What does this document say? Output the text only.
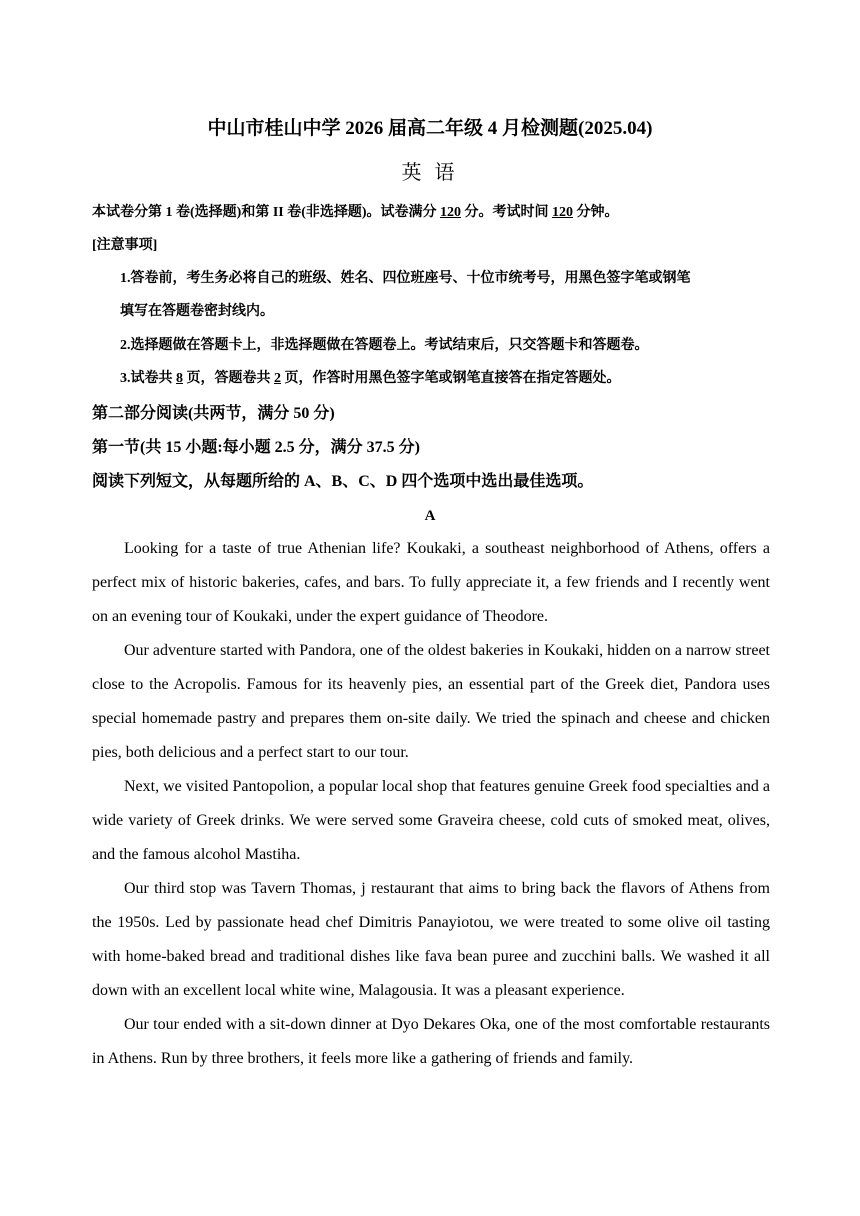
中山市桂山中学 2026 届高二年级 4 月检测题(2025.04)
英 语
本试卷分第 1 卷(选择题)和第 II 卷(非选择题)。试卷满分 120 分。考试时间 120 分钟。
[注意事项]
1.答卷前，考生务必将自己的班级、姓名、四位班座号、十位市统考号，用黑色签字笔或钢笔
填写在答题卷密封线内。
2.选择题做在答题卡上，非选择题做在答题卷上。考试结束后，只交答题卡和答题卷。
3.试卷共 8 页，答题卷共 2 页，作答时用黑色签字笔或钢笔直接答在指定答题处。
第二部分阅读(共两节，满分 50 分)
第一节(共 15 小题:每小题 2.5 分，满分 37.5 分)
阅读下列短文，从每题所给的 A、B、C、D 四个选项中选出最佳选项。
A

Looking for a taste of true Athenian life? Koukaki, a southeast neighborhood of Athens, offers a perfect mix of historic bakeries, cafes, and bars. To fully appreciate it, a few friends and I recently went on an evening tour of Koukaki, under the expert guidance of Theodore.

Our adventure started with Pandora, one of the oldest bakeries in Koukaki, hidden on a narrow street close to the Acropolis. Famous for its heavenly pies, an essential part of the Greek diet, Pandora uses special homemade pastry and prepares them on-site daily. We tried the spinach and cheese and chicken pies, both delicious and a perfect start to our tour.

Next, we visited Pantopolion, a popular local shop that features genuine Greek food specialties and a wide variety of Greek drinks. We were served some Graveira cheese, cold cuts of smoked meat, olives, and the famous alcohol Mastiha.

Our third stop was Tavern Thomas, j restaurant that aims to bring back the flavors of Athens from the 1950s. Led by passionate head chef Dimitris Panayiotou, we were treated to some olive oil tasting with home-baked bread and traditional dishes like fava bean puree and zucchini balls. We washed it all down with an excellent local white wine, Malagousia. It was a pleasant experience.

Our tour ended with a sit-down dinner at Dyo Dekares Oka, one of the most comfortable restaurants in Athens. Run by three brothers, it feels more like a gathering of friends and family.
